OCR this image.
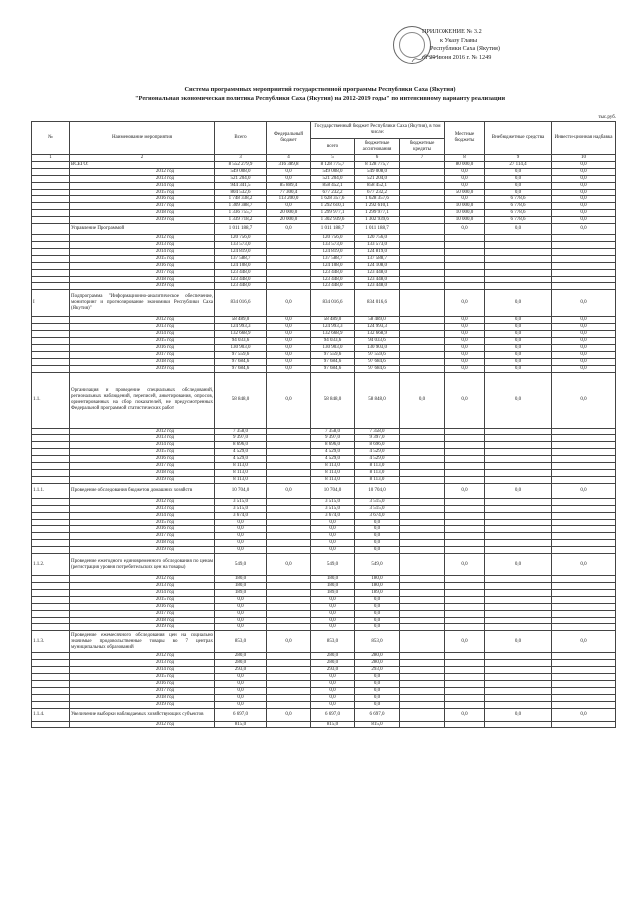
ПРИЛОЖЕНИЕ № 3.2
к Указу Главы
Республики Саха (Якутия)
от 29 июня 2016 г. № 1249
Система программных мероприятий государственной программы Республики Саха (Якутия)
"Региональная экономическая политика Республики Саха (Якутия) на 2012-2019 годы" по интенсивному варианту реализации
тыс.руб.
№	Наименование мероприятия	Всего	Федеральный бюджет	Государственный бюджет Республики Саха (Якутия), в том числе:			Местные бюджеты	Внебюджетные средства	Инвести-ционная надбавка
				всего	бюджетные ассигнования	бюджетные кредиты			
1	2	3	4	5	6	7	8	9	10
	ВСЕГО:	8 552 279,9	316 389,8	8 128 775,7	8 128 775,7		80 000,0	27 114,4	0,0
	2012 год	549 008,0	0,0	549 008,0	549 008,0		0,0	0,0	0,0
	2013 год	521 204,0	0,0	521 204,0	521 204,0		0,0	0,0	0,0
	2014 год	944 341,5	85 889,4	858 452,1	858 452,1		0,0	0,0	0,0
	2015 год	804 532,6	77 300,4	677 232,2	677 232,2		50 000,0	0,0	0,0
	2016 год	1 748 338,2	113 200,0	1 628 357,6	1 628 357,6		0,0	6 778,6	0,0
	2017 год	1 309 388,7	0,0	1 292 610,1	1 292 610,1		10 000,0	6 778,6	0,0
	2018 год	1 336 755,7	20 000,0	1 299 977,1	1 299 977,1		10 000,0	6 778,6	0,0
	2019 год	1 339 718,2	20 000,0	1 302 939,6	1 302 939,6		10 000,0	6 778,6	0,0
	Управление Программой	1 011 188,7	0,0	1 011 188,7	1 011 188,7		0,0	0,0	0,0
	2012 год	120 756,0		120 756,0	120 756,0				
	2013 год	133 573,0		133 573,0	133 573,0				
	2014 год	124 819,0		124 819,0	124 819,0				
	2015 год	137 588,7		137 588,7	137 588,7				
	2016 год	124 108,0		124 108,0	124 108,0				
	2017 год	123 448,0		123 448,0	123 448,0				
	2018 год	123 448,0		123 448,0	123 448,0				
	2019 год	123 448,0		123 448,0	123 448,0				
I	Подпрограмма "Информационно-аналитическое обеспечение, мониторинг и прогнозирование экономики Республики Саха (Якутия)"	834 016,6	0,0	834 016,6	834 016,6		0,0	0,0	0,0
	2012 год	58 489,0	0,0	58 489,0	58 489,0		0,0	0,0	0,0
	2013 год	124 993,3	0,0	124 993,3	124 993,3		0,0	0,0	0,0
	2014 год	132 668,9	0,0	132 668,9	132 668,9		0,0	0,0	0,0
	2015 год	94 033,6	0,0	94 033,6	94 033,6		0,0	0,0	0,0
	2016 год	130 903,0	0,0	130 903,0	130 903,0		0,0	0,0	0,0
	2017 год	97 559,6	0,0	97 559,6	97 559,6		0,0	0,0	0,0
	2018 год	97 684,6	0,0	97 684,6	97 684,6		0,0	0,0	0,0
	2019 год	97 684,6	0,0	97 684,6	97 684,6		0,0	0,0	0,0
1.1.	Организация и проведение специальных обследований, региональных наблюдений, переписей, анкетирования, опросов, ориентированных на сбор показателей, не предусмотренных Федеральной программой статистических работ	58 848,0	0,0	58 848,0	58 848,0	0,0	0,0	0,0	0,0
	2012 год	7 358,0		7 358,0	7 358,0				
	2013 год	9 397,0		9 397,0	9 397,0				
	2014 год	8 696,0		8 696,0	8 696,0				
	2015 год	4 529,0		4 529,0	4 529,0				
	2016 год	4 529,0		4 529,0	4 529,0				
	2017 год	8 113,0		8 113,0	8 113,0				
	2018 год	8 113,0		8 113,0	8 113,0				
	2019 год	8 113,0		8 113,0	8 113,0				
1.1.1.	Проведение обследования бюджетов домашних хозяйств	10 704,0	0,0	10 704,0	10 704,0		0,0	0,0	0,0
	2012 год	3 515,0		3 515,0	3 515,0				
	2013 год	3 515,0		3 515,0	3 515,0				
	2014 год	3 674,0		3 674,0	3 674,0				
	2015 год	0,0		0,0	0,0				
	2016 год	0,0		0,0	0,0				
	2017 год	0,0		0,0	0,0				
	2018 год	0,0		0,0	0,0				
	2019 год	0,0		0,0	0,0				
1.1.2.	Проведение ежегодного единовременного обследования по ценам (регистрация уровня потребительских цен на товары)	549,0	0,0	549,0	549,0		0,0	0,0	0,0
	2012 год	180,0		180,0	180,0				
	2013 год	180,0		180,0	180,0				
	2014 год	189,0		189,0	189,0				
	2015 год	0,0		0,0	0,0				
	2016 год	0,0		0,0	0,0				
	2017 год	0,0		0,0	0,0				
	2018 год	0,0		0,0	0,0				
	2019 год	0,0		0,0	0,0				
1.1.3.	Проведение ежемесячного обследования цен на социально значимые продовольственные товары во 7 центрах муниципальных образований	853,0	0,0	853,0	853,0		0,0	0,0	0,0
	2012 год	280,0		280,0	280,0				
	2013 год	280,0		280,0	280,0				
	2014 год	293,0		293,0	293,0				
	2015 год	0,0		0,0	0,0				
	2016 год	0,0		0,0	0,0				
	2017 год	0,0		0,0	0,0				
	2018 год	0,0		0,0	0,0				
	2019 год	0,0		0,0	0,0				
1.1.4.	Увеличение выборки наблюдаемых хозяйствующих субъектов	6 697,0	0,0	6 697,0	6 697,0		0,0	0,0	0,0
	2012 год	815,0		815,0	815,0				
